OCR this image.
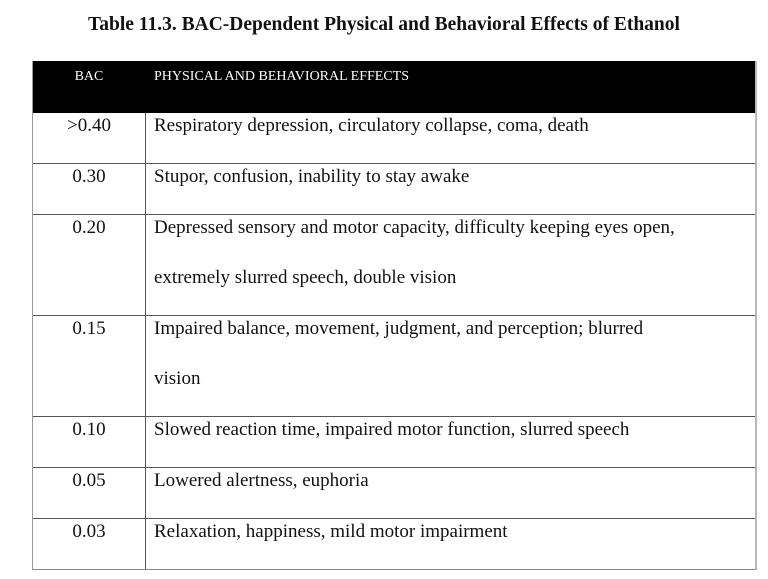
Table 11.3. BAC-Dependent Physical and Behavioral Effects of Ethanol
BAC	PHYSICAL AND BEHAVIORAL EFFECTS
>0.40	Respiratory depression, circulatory collapse, coma, death
0.30	Stupor, confusion, inability to stay awake
0.20	Depressed sensory and motor capacity, difficulty keeping eyes open,
extremely slurred speech, double vision
0.15	Impaired balance, movement, judgment, and perception; blurred
vision
0.10	Slowed reaction time, impaired motor function, slurred speech
0.05	Lowered alertness, euphoria
0.03	Relaxation, happiness, mild motor impairment
